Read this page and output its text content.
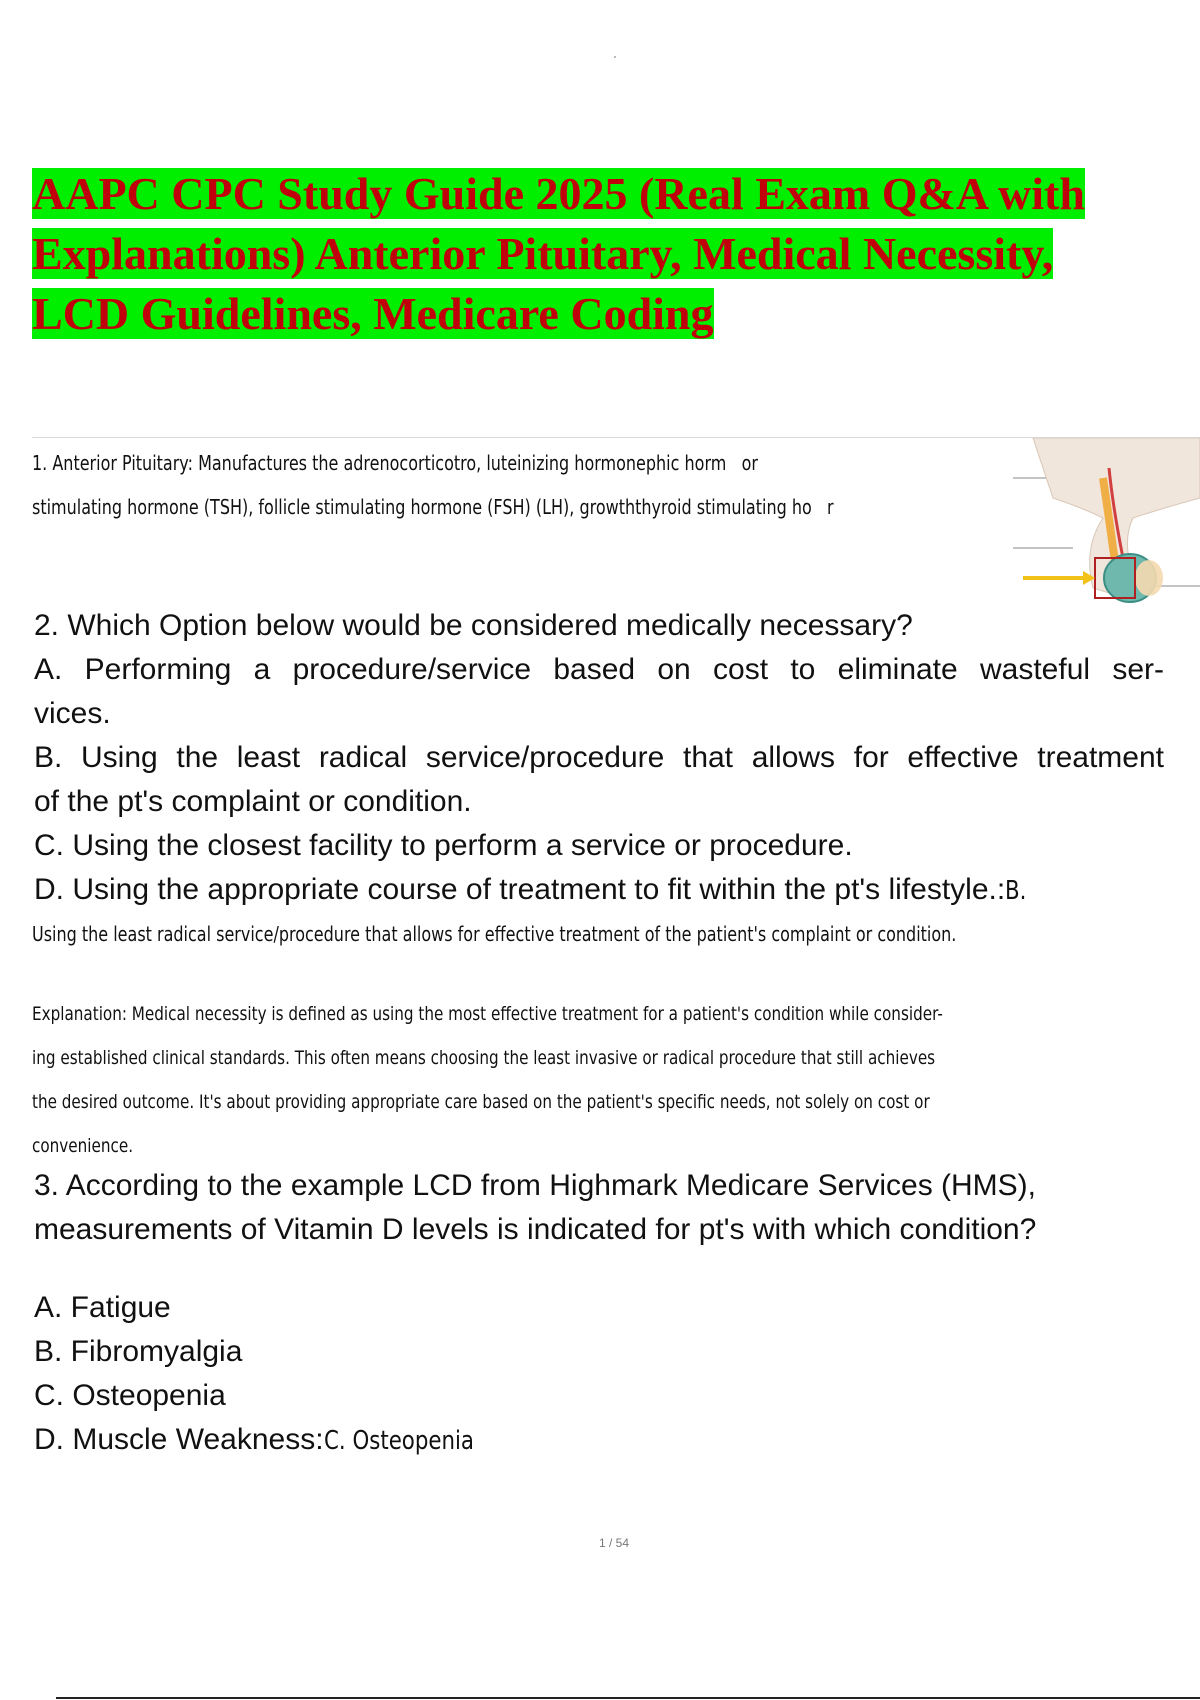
AAPC CPC Study Guide 2025 (Real Exam Q&A with
Explanations) Anterior Pituitary, Medical Necessity,
LCD Guidelines, Medicare Coding
1. Anterior Pituitary: Manufactures the adrenocorticotro, luteinizing hormonephic horm or
stimulating hormone (TSH), follicle stimulating hormone (FSH) (LH), growththyroid stimulating ho r
2. Which Option below would be considered medically necessary?
A. Performing a procedure/service based on cost to eliminate wasteful ser-
vices.
B. Using the least radical service/procedure that allows for effective treatment
of the pt's complaint or condition.
C. Using the closest facility to perform a service or procedure.
D. Using the appropriate course of treatment to fit within the pt's lifestyle.:B.
Using the least radical service/procedure that allows for effective treatment of the patient's complaint or condition.
Explanation: Medical necessity is defined as using the most effective treatment for a patient's condition while consider-
ing established clinical standards. This often means choosing the least invasive or radical procedure that still achieves
the desired outcome. It's about providing appropriate care based on the patient's specific needs, not solely on cost or
convenience.
3. According to the example LCD from Highmark Medicare Services (HMS),
measurements of Vitamin D levels is indicated for pt's with which condition?
A. Fatigue
B. Fibromyalgia
C. Osteopenia
D. Muscle Weakness:C. Osteopenia
1 / 54
